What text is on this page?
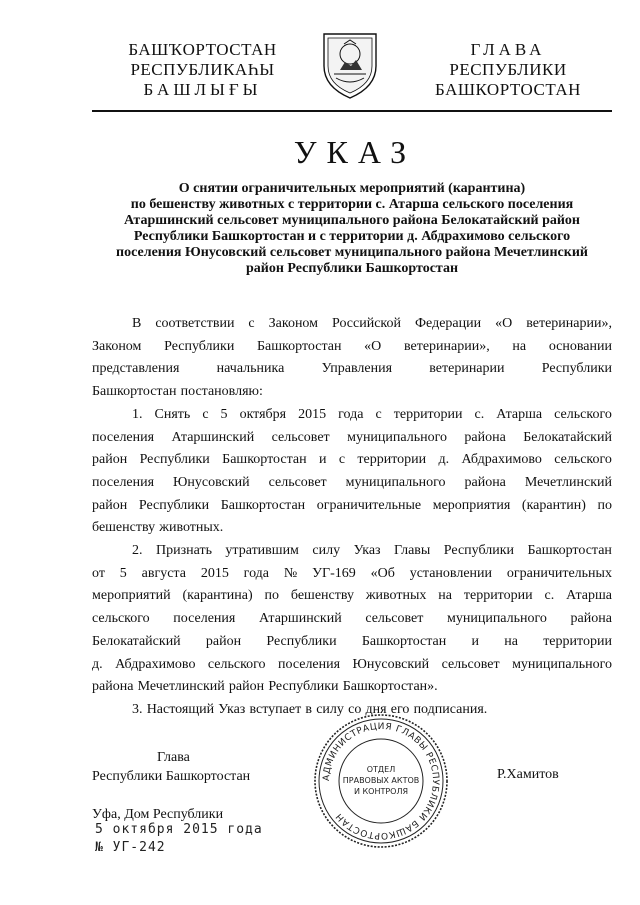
БАШҠОРТОСТАН
РЕСПУБЛИКАҺЫ
БАШЛЫҒЫ
ГЛАВА
РЕСПУБЛИКИ
БАШКОРТОСТАН
УКАЗ
О снятии ограничительных мероприятий (карантина)
по бешенству животных с территории с. Атарша сельского поселения
Атаршинский сельсовет муниципального района Белокатайский район
Республики Башкортостан и с территории д. Абдрахимово сельского
поселения Юнусовский сельсовет муниципального района Мечетлинский
район Республики Башкортостан
В соответствии с Законом Российской Федерации «О ветеринарии»,
Законом Республики Башкортостан «О ветеринарии», на основании
представления	начальника	Управления	ветеринарии	Республики
Башкортостан постановляю:
1. Снять с 5 октября 2015 года с территории с. Атарша сельского
поселения Атаршинский сельсовет муниципального района Белокатайский
район Республики Башкортостан и с территории д. Абдрахимово сельского
поселения Юнусовский сельсовет муниципального района Мечетлинский
район Республики Башкортостан ограничительные мероприятия (карантин) по
бешенству животных.
2. Признать утратившим силу Указ Главы Республики Башкортостан
от 5 августа 2015 года № УГ-169 «Об установлении ограничительных
мероприятий (карантина) по бешенству животных на территории с. Атарша
сельского поселения Атаршинский сельсовет муниципального района
Белокатайский район Республики Башкортостан и на территории
д. Абдрахимово сельского поселения Юнусовский сельсовет муниципального
района Мечетлинский район Республики Башкортостан».
3. Настоящий Указ вступает в силу со дня его подписания.
Глава
Республики Башкортостан	Р.Хамитов
Уфа, Дом Республики
5 октября 2015 года
№ УГ-242
АДМИНИСТРАЦИЯ ГЛАВЫ РЕСПУБЛИКИ БАШКОРТОСТАН
ОТДЕЛ
ПРАВОВЫХ АКТОВ
И КОНТРОЛЯ
